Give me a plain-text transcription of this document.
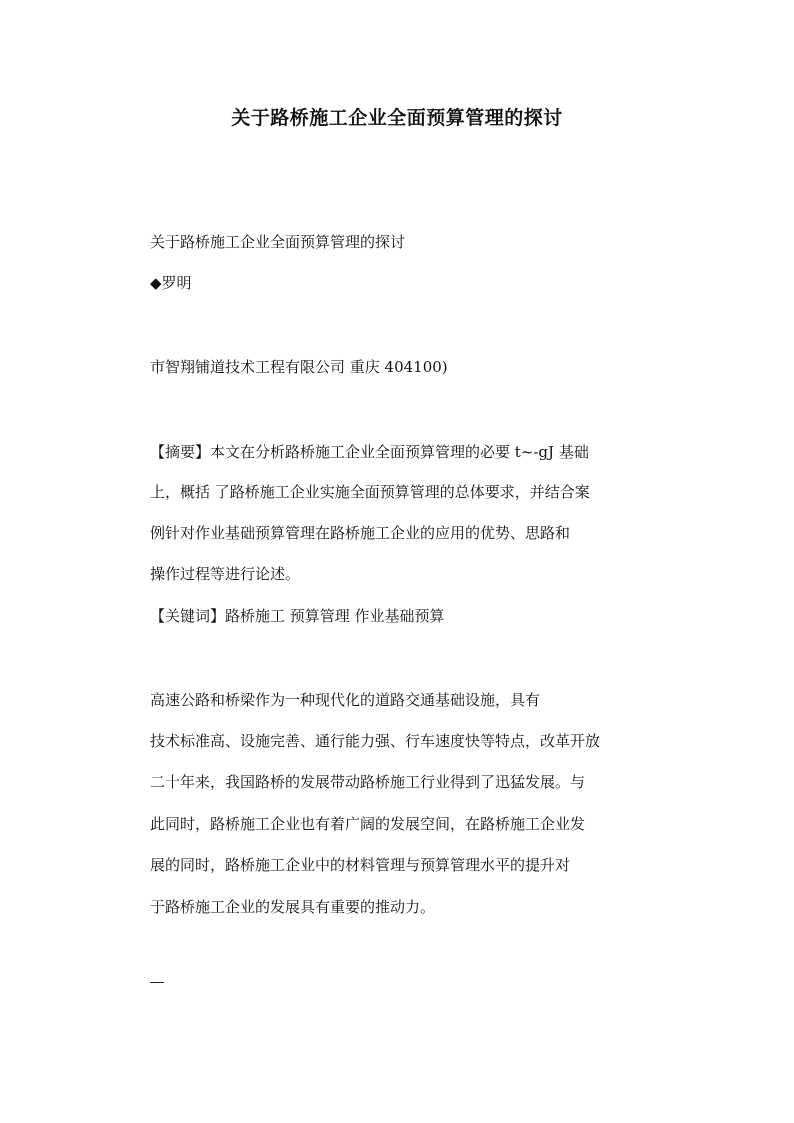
关于路桥施工企业全面预算管理的探讨
关于路桥施工企业全面预算管理的探讨
◆罗明
市智翔铺道技术工程有限公司 重庆 404100)
【摘要】本文在分析路桥施工企业全面预算管理的必要 t~-gJ 基础
上，概括 了路桥施工企业实施全面预算管理的总体要求，并结合案
例针对作业基础预算管理在路桥施工企业的应用的优势、思路和
操作过程等进行论述。
【关键词】路桥施工 预算管理 作业基础预算
高速公路和桥梁作为一种现代化的道路交通基础设施，具有
技术标准高、设施完善、通行能力强、行车速度快等特点，改革开放
二十年来，我国路桥的发展带动路桥施工行业得到了迅猛发展。与
此同时，路桥施工企业也有着广阔的发展空间，在路桥施工企业发
展的同时，路桥施工企业中的材料管理与预算管理水平的提升对
于路桥施工企业的发展具有重要的推动力。
